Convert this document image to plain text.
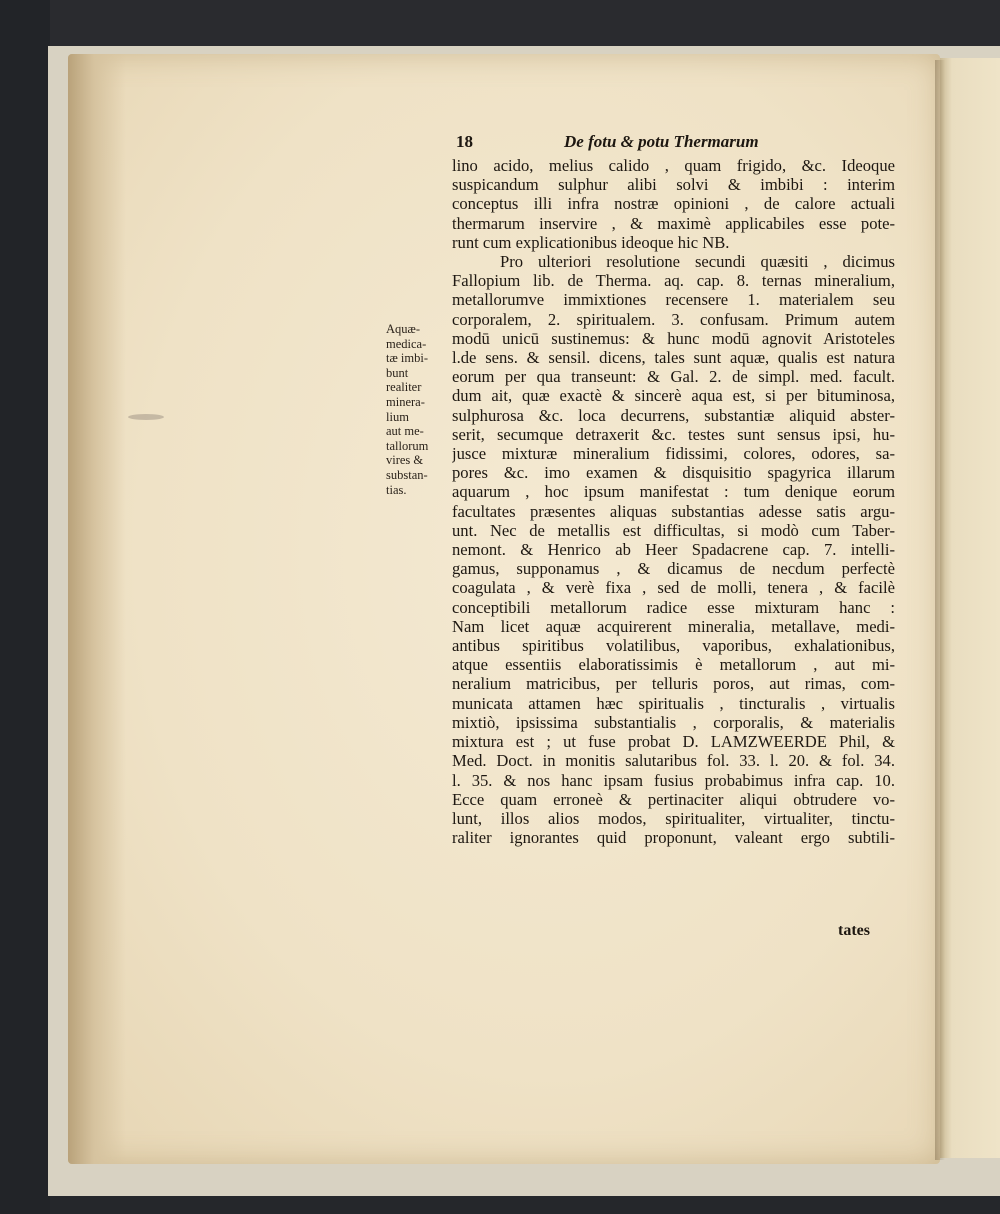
18	De fotu & potu Thermarum
Aquæ-
medica-
tæ imbi-
bunt
realiter
minera-
lium
aut me-
tallorum
vires &
substan-
tias.
lino acido, melius calido , quam frigido, &c. Ideoque
suspicandum sulphur alibi solvi & imbibi : interim
conceptus illi infra nostræ opinioni , de calore actuali
thermarum inservire , & maximè applicabiles esse pote-
runt cum explicationibus ideoque hic NB.
Pro ulteriori resolutione secundi quæsiti , dicimus
Fallopium lib. de Therma. aq. cap. 8. ternas mineralium,
metallorumve immixtiones recensere 1. materialem seu
corporalem, 2. spiritualem. 3. confusam. Primum autem
modū unicū sustinemus: & hunc modū agnovit Aristoteles
l.de sens. & sensil. dicens, tales sunt aquæ, qualis est natura
eorum per qua transeunt: & Gal. 2. de simpl. med. facult.
dum ait, quæ exactè & sincerè aqua est, si per bituminosa,
sulphurosa &c. loca decurrens, substantiæ aliquid abster-
serit, secumque detraxerit &c. testes sunt sensus ipsi, hu-
jusce mixturæ mineralium fidissimi, colores, odores, sa-
pores &c. imo examen & disquisitio spagyrica illarum
aquarum , hoc ipsum manifestat : tum denique eorum
facultates præsentes aliquas substantias adesse satis argu-
unt. Nec de metallis est difficultas, si modò cum Taber-
nemont. & Henrico ab Heer Spadacrene cap. 7. intelli-
gamus, supponamus , & dicamus de necdum perfectè
coagulata , & verè fixa , sed de molli, tenera , & facilè
conceptibili metallorum radice esse mixturam hanc :
Nam licet aquæ acquirerent mineralia, metallave, medi-
antibus spiritibus volatilibus, vaporibus, exhalationibus,
atque essentiis elaboratissimis è metallorum , aut mi-
neralium matricibus, per telluris poros, aut rimas, com-
municata attamen hæc spiritualis , tincturalis , virtualis
mixtiò, ipsissima substantialis , corporalis, & materialis
mixtura est ; ut fuse probat D. LAMZWEERDE Phil, &
Med. Doct. in monitis salutaribus fol. 33. l. 20. & fol. 34.
l. 35. & nos hanc ipsam fusius probabimus infra cap. 10.
Ecce quam erroneè & pertinaciter aliqui obtrudere vo-
lunt, illos alios modos, spiritualiter, virtualiter, tinctu-
raliter ignorantes quid proponunt, valeant ergo subtili-
tates
